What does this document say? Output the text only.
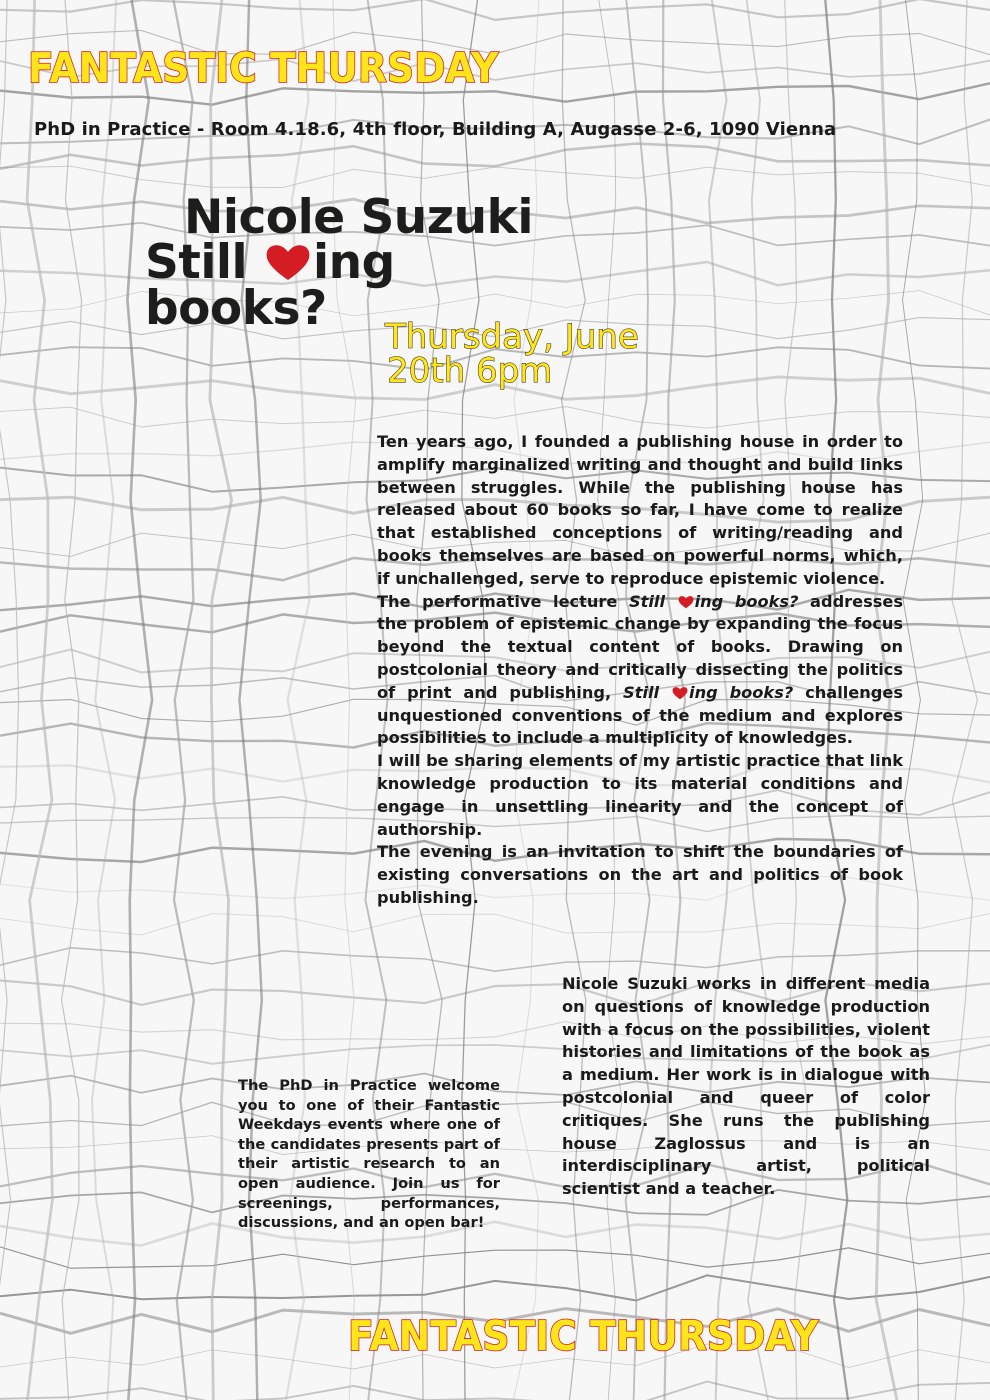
FANTASTIC THURSDAY
PhD in Practice - Room 4.18.6, 4th floor, Building A, Augasse 2-6, 1090 Vienna
Nicole Suzuki
Still ing
books?
Thursday, June
20th 6pm

Ten years ago, I founded a publishing house in order to amplify marginalized writing and thought and build links between struggles. While the publishing house has released about 60 books so far, I have come to realize that established conceptions of writing/reading and books themselves are based on powerful norms, which, if unchallenged, serve to reproduce epistemic violence.

The performative lecture Still ing books? addresses the problem of epistemic change by expanding the focus beyond the textual content of books. Drawing on postcolonial theory and critically dissecting the politics of print and publishing, Still ing books? challenges unquestioned conventions of the medium and explores possibilities to include a multiplicity of knowledges.

I will be sharing elements of my artistic practice that link knowledge production to its material conditions and engage in unsettling linearity and the concept of authorship.

The evening is an invitation to shift the boundaries of existing conversations on the art and politics of book publishing.

Nicole Suzuki works in different media on questions of knowledge production with a focus on the possibilities, violent histories and limitations of the book as a medium. Her work is in dialogue with postcolonial and queer of color critiques. She runs the publishing house Zaglossus and is an interdisciplinary artist, political scientist and a teacher.

The PhD in Practice welcome you to one of their Fantastic Weekdays events where one of the candidates presents part of their artistic research to an open audience. Join us for screenings, performances, discussions, and an open bar!

FANTASTIC THURSDAY
